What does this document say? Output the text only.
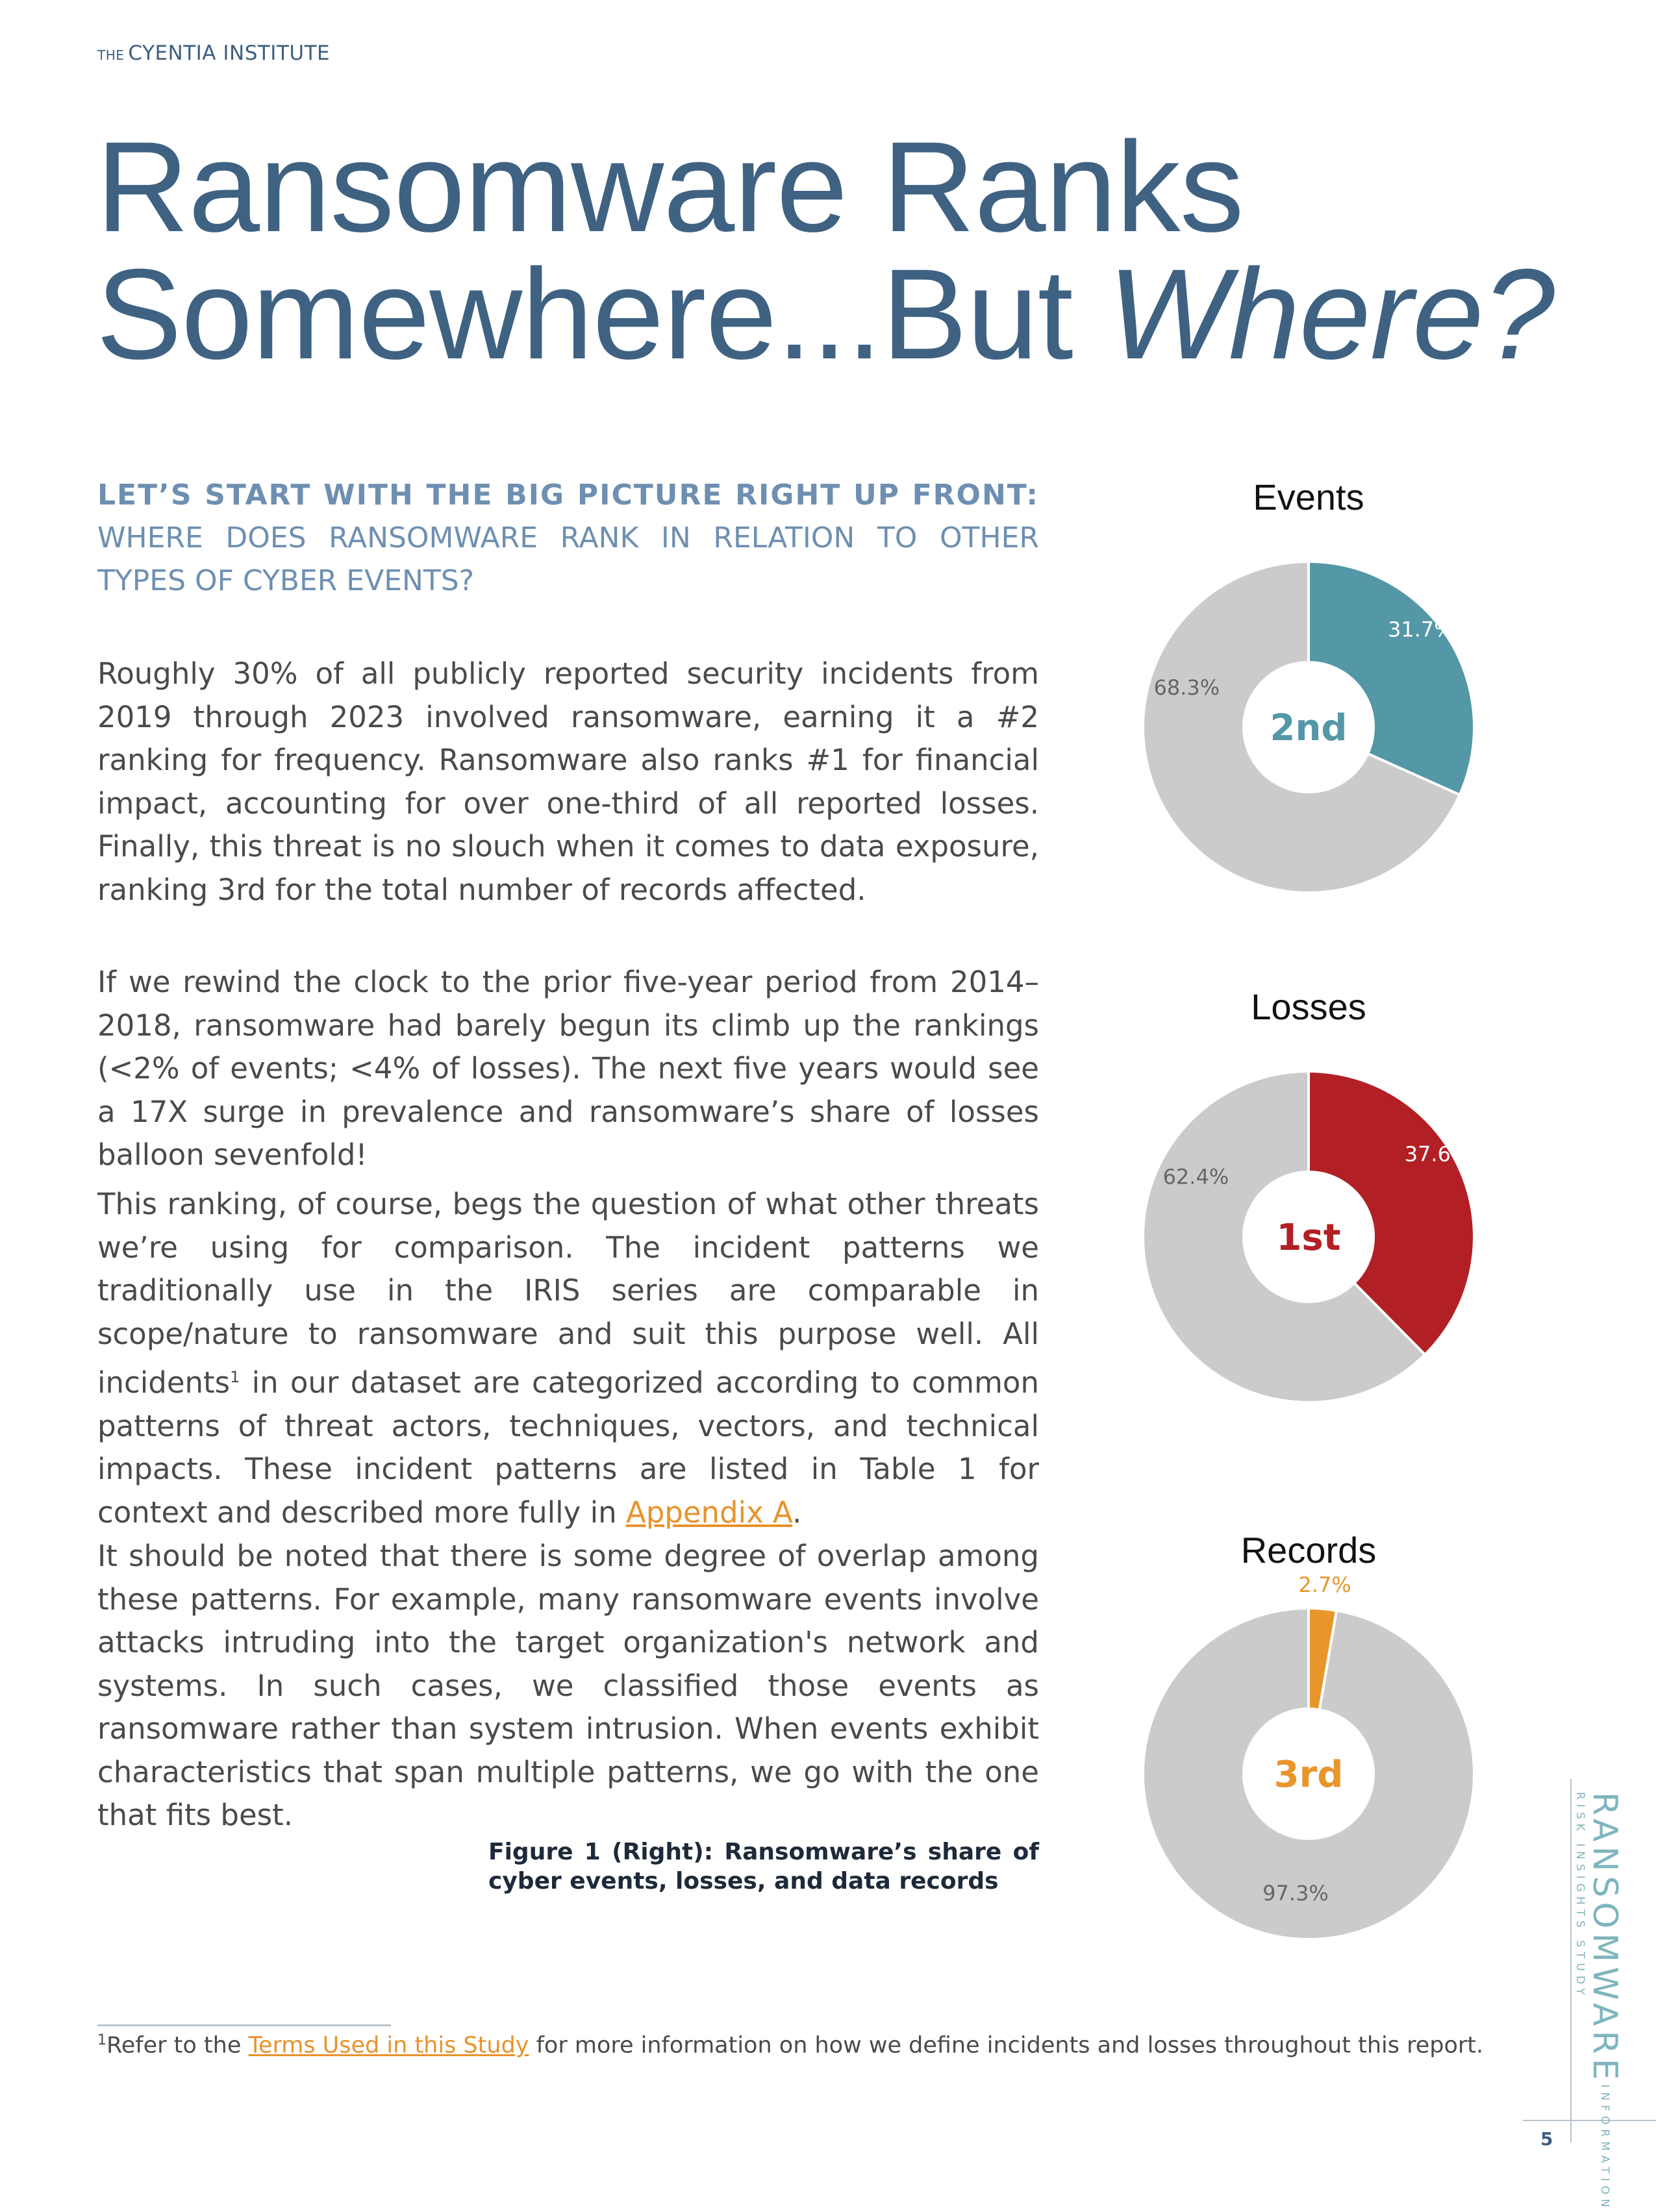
THE CYENTIA INSTITUTE
Ransomware Ranks
Somewhere...But Where?
LET’S START WITH THE BIG PICTURE RIGHT UP FRONT: WHERE DOES RANSOMWARE RANK IN RELATION TO OTHER TYPES OF CYBER EVENTS?

Roughly 30% of all publicly reported security incidents from 2019 through 2023 involved ransomware, earning it a #2 ranking for frequency. Ransomware also ranks #1 for financial impact, accounting for over one-third of all reported losses. Finally, this threat is no slouch when it comes to data exposure, ranking 3rd for the total number of records affected.

If we rewind the clock to the prior five-year period from 2014–2018, ransomware had barely begun its climb up the rankings (<2% of events; <4% of losses). The next five years would see a 17X surge in prevalence and ransomware’s share of losses balloon sevenfold!

This ranking, of course, begs the question of what other threats we’re using for comparison. The incident patterns we traditionally use in the IRIS series are comparable in scope/nature to ransomware and suit this purpose well. All incidents$^1$ in our dataset are categorized according to common patterns of threat actors, techniques, vectors, and technical impacts. These incident patterns are listed in Table 1 for context and described more fully in Appendix A.

It should be noted that there is some degree of overlap among these patterns. For example, many ransomware events involve attacks intruding into the target organization's network and systems. In such cases, we classified those events as ransomware rather than system intrusion. When events exhibit characteristics that span multiple patterns, we go with the one that fits best.

Figure 1 (Right): Ransomware’s share of cyber events, losses, and data records
$^1$Refer to the Terms Used in this Study for more information on how we define incidents and losses throughout this report.
5
RANSOMWAREINFORMATION RISK INSIGHTS STUDY
Events
31.7%
68.3%
2nd
Losses
37.6%
62.4%
1st
Records
2.7%
97.3%
3rd
